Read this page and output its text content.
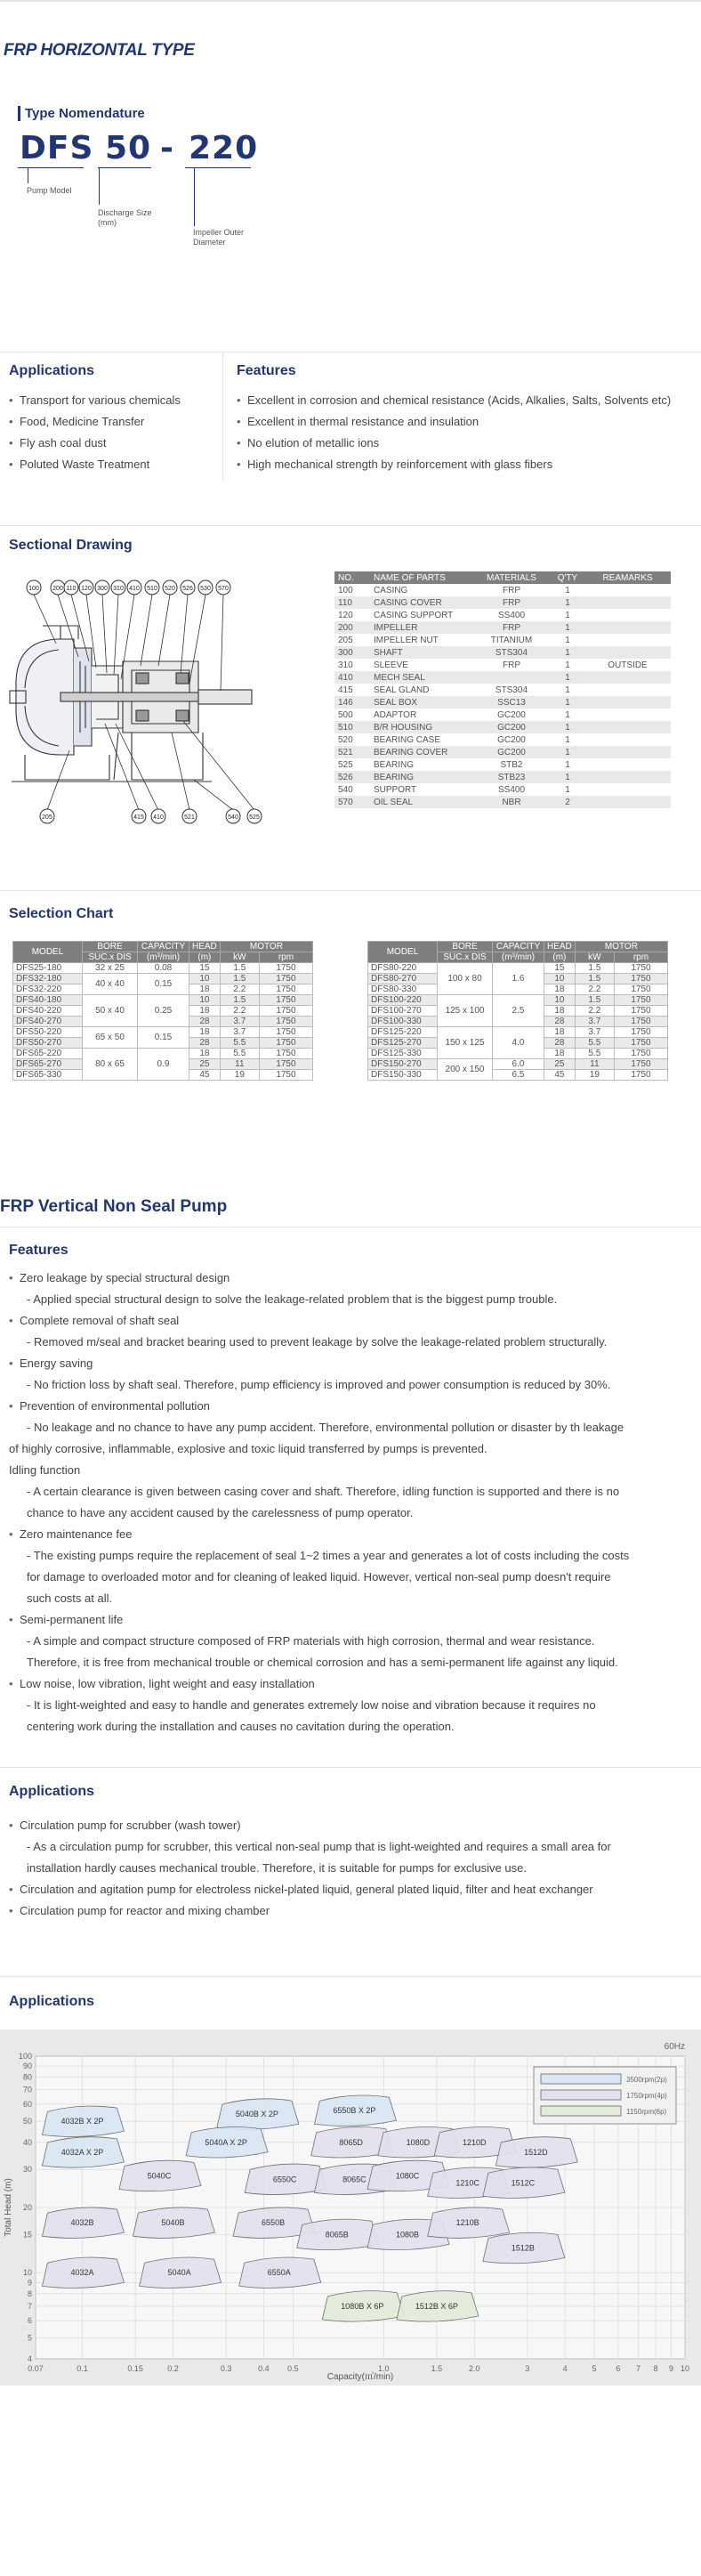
FRP HORIZONTAL TYPE
Type Nomendature
DFS 50 - 220
Pump Model
Discharge Size
(mm)
Impeller Outer
Diameter
Applications
• Transport for various chemicals
• Food, Medicine Transfer
• Fly ash coal dust
• Poluted Waste Treatment
Features
• Excellent in corrosion and chemical resistance (Acids, Alkalies, Salts, Solvents etc)
• Excellent in thermal resistance and insulation
• No elution of metallic ions
• High mechanical strength by reinforcement with glass fibers
Sectional Drawing
100 200 110 120 300 310 410 510 520 526 530 570
205	415 410	521	540 525
NO.	NAME OF PARTS	MATERIALS	Q'TY	REAMARKS
100	CASING	FRP	1	
110	CASING COVER	FRP	1	
120	CASING SUPPORT	SS400	1	
200	IMPELLER	FRP	1	
205	IMPELLER NUT	TITANIUM	1	
300	SHAFT	STS304	1	
310	SLEEVE	FRP	1	OUTSIDE
410	MECH SEAL		1	
415	SEAL GLAND	STS304	1	
146	SEAL BOX	SSC13	1	
500	ADAPTOR	GC200	1	
510	B/R HOUSING	GC200	1	
520	BEARING CASE	GC200	1	
521	BEARING COVER	GC200	1	
525	BEARING	STB2	1	
526	BEARING	STB23	1	
540	SUPPORT	SS400	1	
570	OIL SEAL	NBR	2	
Selection Chart
MODEL	BORE	CAPACITY	HEAD	MOTOR	
	SUC.x DIS	(m³/min)	(m)	kW	rpm
DFS25-180	32 x 25	0.08	15	1.5	1750
DFS32-180	40 x 40	0.15	10	1.5	1750
DFS32-220			18	2.2	1750
DFS40-180	50 x 40	0.25	10	1.5	1750
DFS40-220			18	2.2	1750
DFS40-270			28	3.7	1750
DFS50-220	65 x 50	0.15	18	3.7	1750
DFS50-270			28	5.5	1750
DFS65-220	80 x 65	0.9	18	5.5	1750
DFS65-270			25	11	1750
DFS65-330			45	19	1750
MODEL	BORE	CAPACITY	HEAD	MOTOR	
	SUC.x DIS	(m³/min)	(m)	kW	rpm
DFS80-220	100 x 80	1.6	15	1.5	1750
DFS80-270			10	1.5	1750
DFS80-330			18	2.2	1750
DFS100-220	125 x 100	2.5	10	1.5	1750
DFS100-270			18	2.2	1750
DFS100-330			28	3.7	1750
DFS125-220	150 x 125	4.0	18	3.7	1750
DFS125-270			28	5.5	1750
DFS125-330			18	5.5	1750
DFS150-270	200 x 150	6.0	25	11	1750
DFS150-330		6.5	45	19	1750
FRP Vertical Non Seal Pump
Features
• Zero leakage by special structural design
- Applied special structural design to solve the leakage-related problem that is the biggest pump trouble.
• Complete removal of shaft seal
- Removed m/seal and bracket bearing used to prevent leakage by solve the leakage-related problem structurally.
• Energy saving
- No friction loss by shaft seal. Therefore, pump efficiency is improved and power consumption is reduced by 30%.
• Prevention of environmental pollution
- No leakage and no chance to have any pump accident. Therefore, environmental pollution or disaster by th leakage
of highly corrosive, inflammable, explosive and toxic liquid transferred by pumps is prevented.
Idling function
- A certain clearance is given between casing cover and shaft. Therefore, idling function is supported and there is no
chance to have any accident caused by the carelessness of pump operator.
• Zero maintenance fee
- The existing pumps require the replacement of seal 1~2 times a year and generates a lot of costs including the costs
for damage to overloaded motor and for cleaning of leaked liquid. However, vertical non-seal pump doesn't require
such costs at all.
• Semi-permanent life
- A simple and compact structure composed of FRP materials with high corrosion, thermal and wear resistance.
Therefore, it is free from mechanical trouble or chemical corrosion and has a semi-permanent life against any liquid.
• Low noise, low vibration, light weight and easy installation
- It is light-weighted and easy to handle and generates extremely low noise and vibration because it requires no
centering work during the installation and causes no cavitation during the operation.
Applications
• Circulation pump for scrubber (wash tower)
- As a circulation pump for scrubber, this vertical non-seal pump that is light-weighted and requires a small area for
installation hardly causes mechanical trouble. Therefore, it is suitable for pumps for exclusive use.
• Circulation and agitation pump for electroless nickel-plated liquid, general plated liquid, filter and heat exchanger
• Circulation pump for reactor and mixing chamber
Applications
4032B X 2P
5040B X 2P	6550B X 2P
4032A X 2P
5040A X 2P	8065D	1080D	1210D
1512D
5040C	6550C	8065C	1080C
1210C	1512C
4032B	5040B	6550B
8065B	1080B
1210B
1512B
4032A	5040A	6550A
1080B X 6P	1512B X 6P
0.07	0.1	0.15	0.2	0.3	0.4 0.5	1.0	1.5	2.0	3	4	5 6 7 8 9 10
100
90
80
70
60
50
40
30
20
15
10
9
8
7
6
5
4
60Hz
Capacity(㎥/min)
Total Head (m)
3500rpm(2p)
1750rpm(4p)
1150rpm(6p)
